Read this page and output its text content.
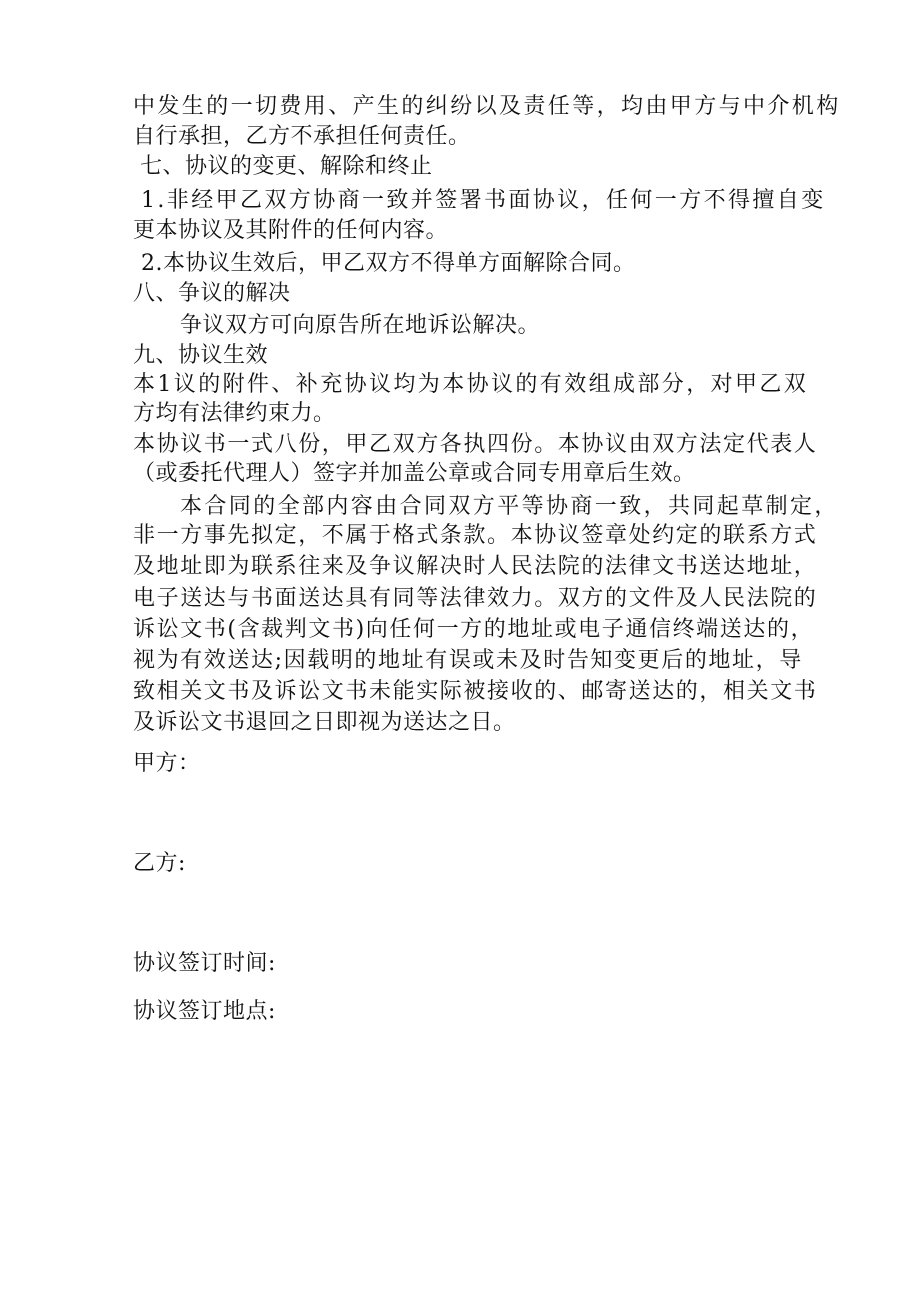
中发生的一切费用、产生的纠纷以及责任等，均由甲方与中介机构
自行承担，乙方不承担任何责任。
七、协议的变更、解除和终止
1.非经甲乙双方协商一致并签署书面协议，任何一方不得擅自变
更本协议及其附件的任何内容。
2.本协议生效后，甲乙双方不得单方面解除合同。
八、争议的解决
争议双方可向原告所在地诉讼解决。
九、协议生效
本1议的附件、补充协议均为本协议的有效组成部分，对甲乙双
方均有法律约束力。
本协议书一式八份，甲乙双方各执四份。本协议由双方法定代表人
（或委托代理人）签字并加盖公章或合同专用章后生效。
本合同的全部内容由合同双方平等协商一致，共同起草制定，
非一方事先拟定，不属于格式条款。本协议签章处约定的联系方式
及地址即为联系往来及争议解决时人民法院的法律文书送达地址，
电子送达与书面送达具有同等法律效力。双方的文件及人民法院的
诉讼文书(含裁判文书)向任何一方的地址或电子通信终端送达的，
视为有效送达;因载明的地址有误或未及时告知变更后的地址，导
致相关文书及诉讼文书未能实际被接收的、邮寄送达的，相关文书
及诉讼文书退回之日即视为送达之日。
甲方：
乙方:
协议签订时间:
协议签订地点:
